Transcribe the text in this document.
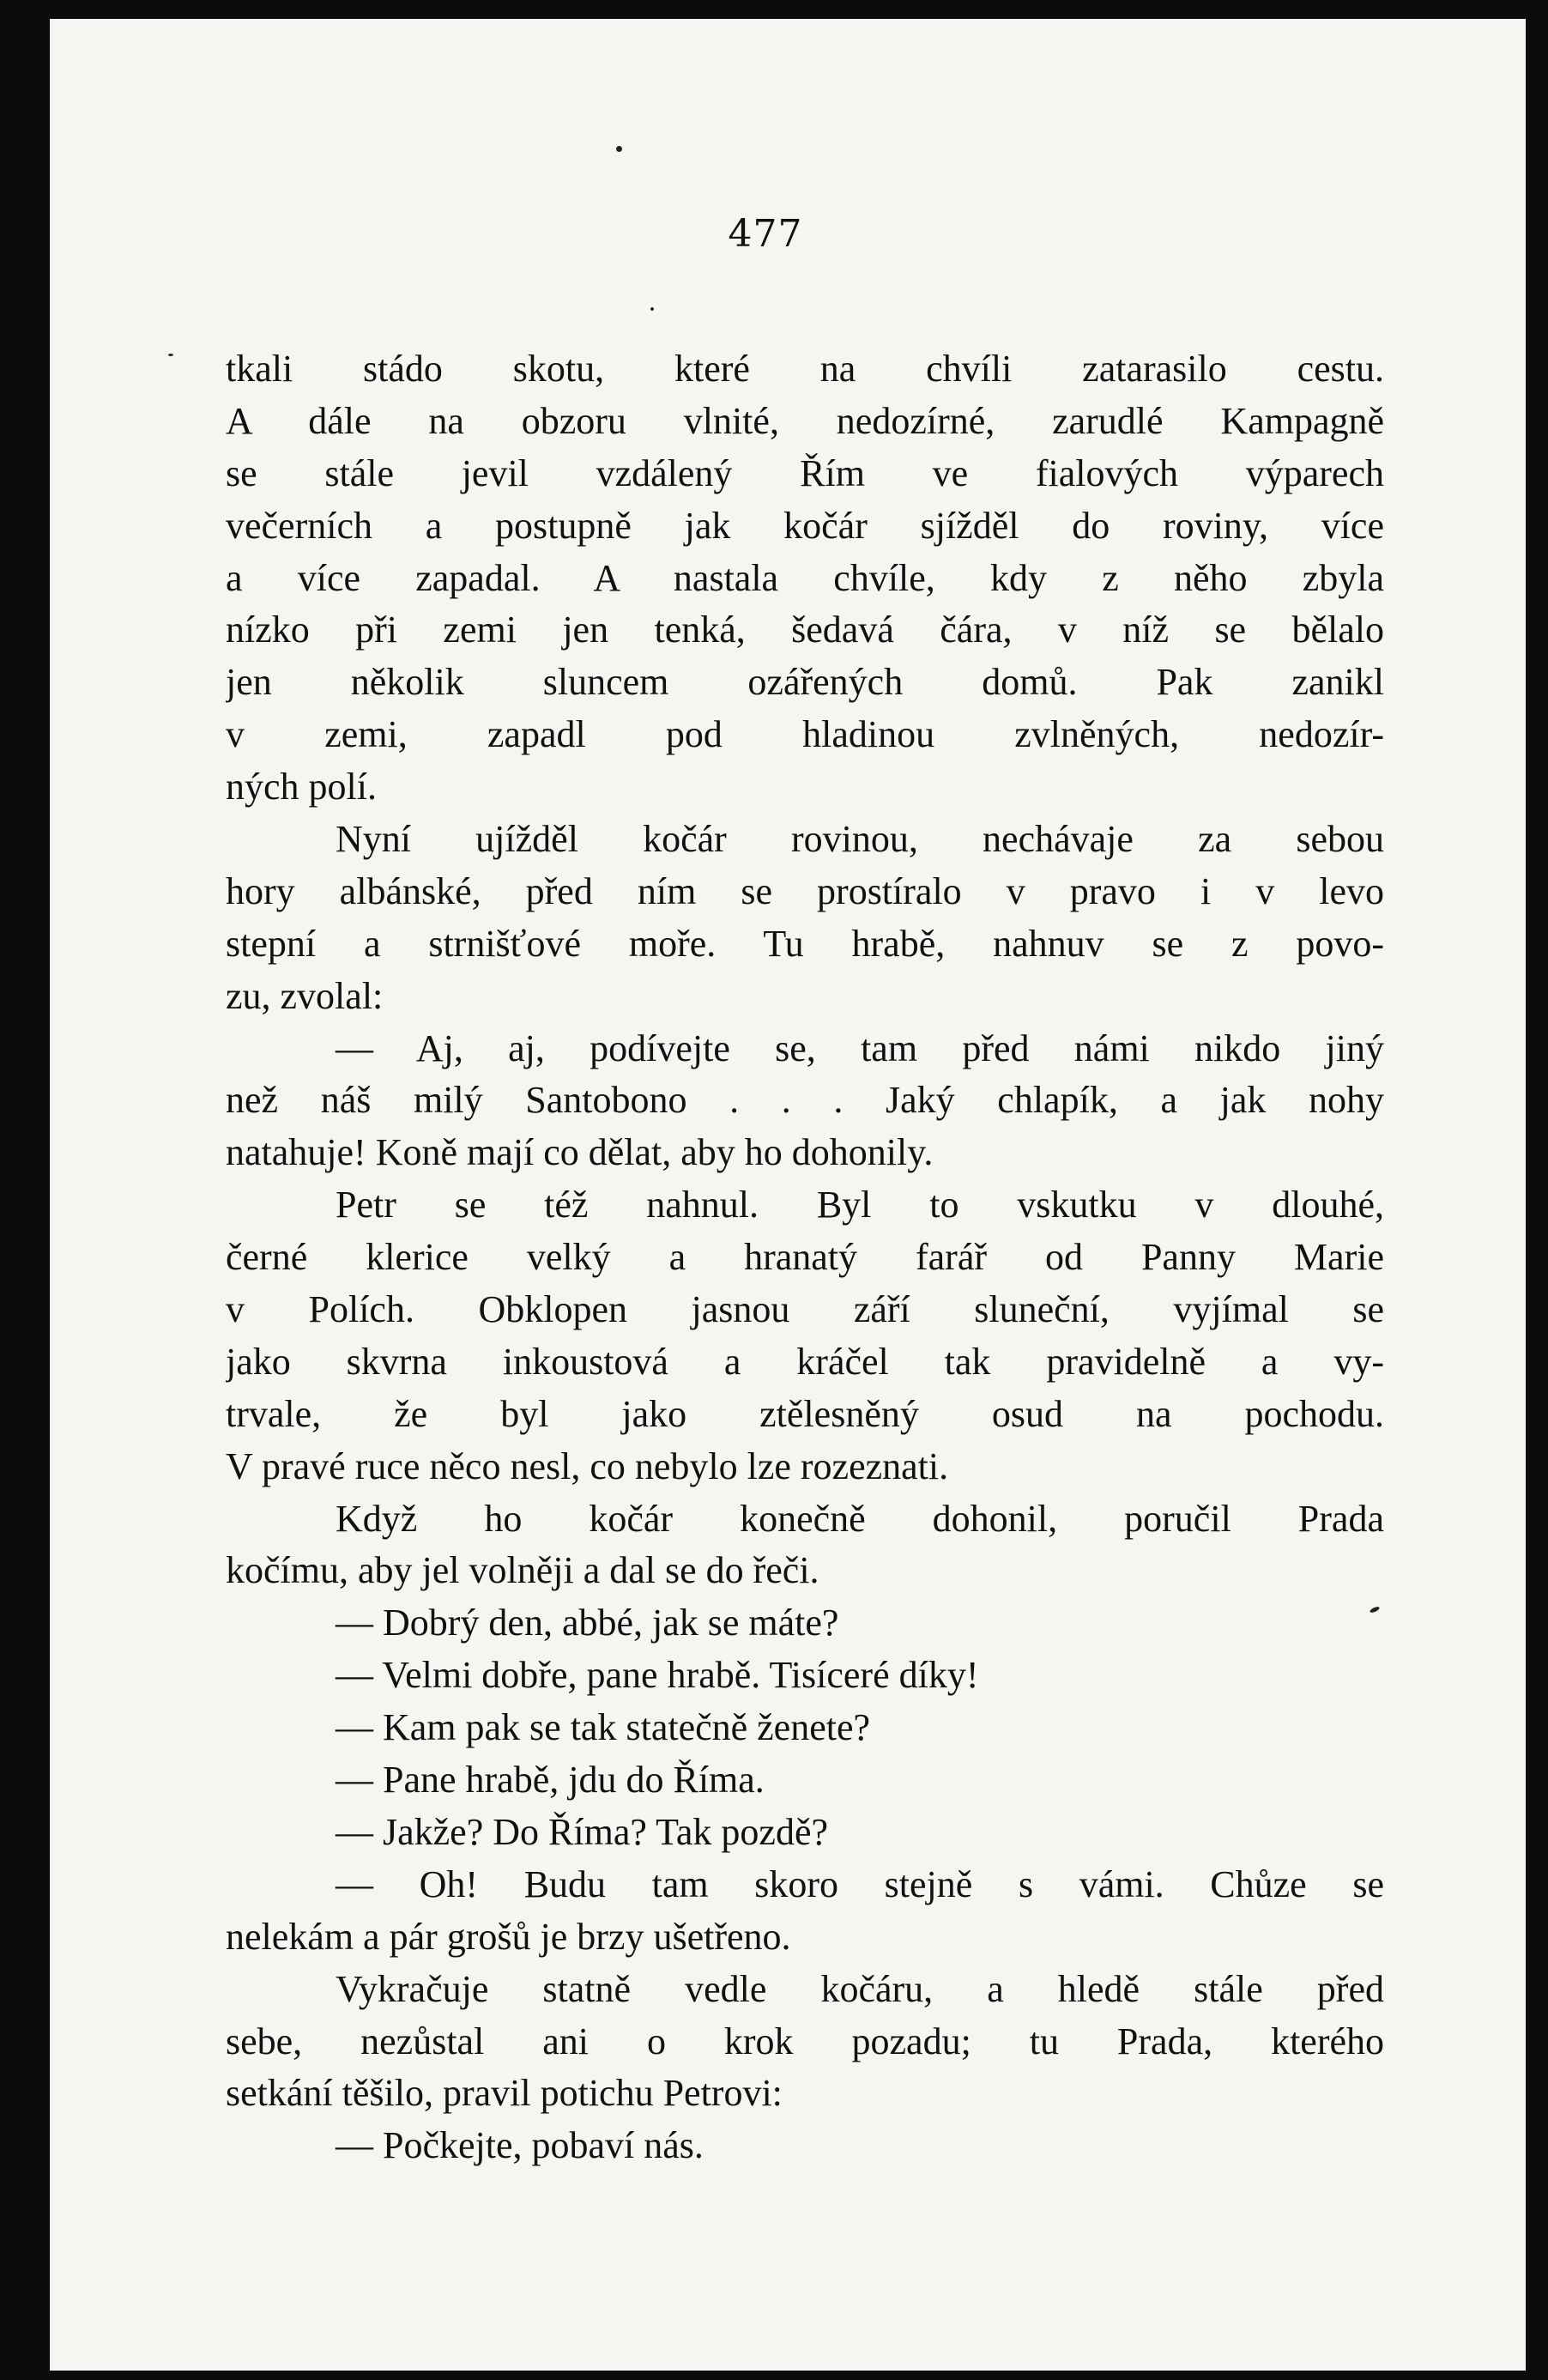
477
tkali stádo skotu, které na chvíli zatarasilo cestu.
A dále na obzoru vlnité, nedozírné, zarudlé Kampagně
se stále jevil vzdálený Řím ve fialových výparech
večerních a postupně jak kočár sjížděl do roviny, více
a více zapadal. A nastala chvíle, kdy z něho zbyla
nízko při zemi jen tenká, šedavá čára, v níž se bělalo
jen několik sluncem ozářených domů. Pak zanikl
v zemi, zapadl pod hladinou zvlněných, nedozír-
ných polí.
Nyní ujížděl kočár rovinou, nechávaje za sebou
hory albánské, před ním se prostíralo v pravo i v levo
stepní a strnišťové moře. Tu hrabě, nahnuv se z povo-
zu, zvolal:
— Aj, aj, podívejte se, tam před námi nikdo jiný
než náš milý Santobono . . . Jaký chlapík, a jak nohy
natahuje! Koně mají co dělat, aby ho dohonily.
Petr se též nahnul. Byl to vskutku v dlouhé,
černé klerice velký a hranatý farář od Panny Marie
v Polích. Obklopen jasnou září sluneční, vyjímal se
jako skvrna inkoustová a kráčel tak pravidelně a vy-
trvale, že byl jako ztělesněný osud na pochodu.
V pravé ruce něco nesl, co nebylo lze rozeznati.
Když ho kočár konečně dohonil, poručil Prada
kočímu, aby jel volněji a dal se do řeči.
— Dobrý den, abbé, jak se máte?
— Velmi dobře, pane hrabě. Tisíceré díky!
— Kam pak se tak statečně ženete?
— Pane hrabě, jdu do Říma.
— Jakže? Do Říma? Tak pozdě?
— Oh! Budu tam skoro stejně s vámi. Chůze se
nelekám a pár grošů je brzy ušetřeno.
Vykračuje statně vedle kočáru, a hledě stále před
sebe, nezůstal ani o krok pozadu; tu Prada, kterého
setkání těšilo, pravil potichu Petrovi:
— Počkejte, pobaví nás.
